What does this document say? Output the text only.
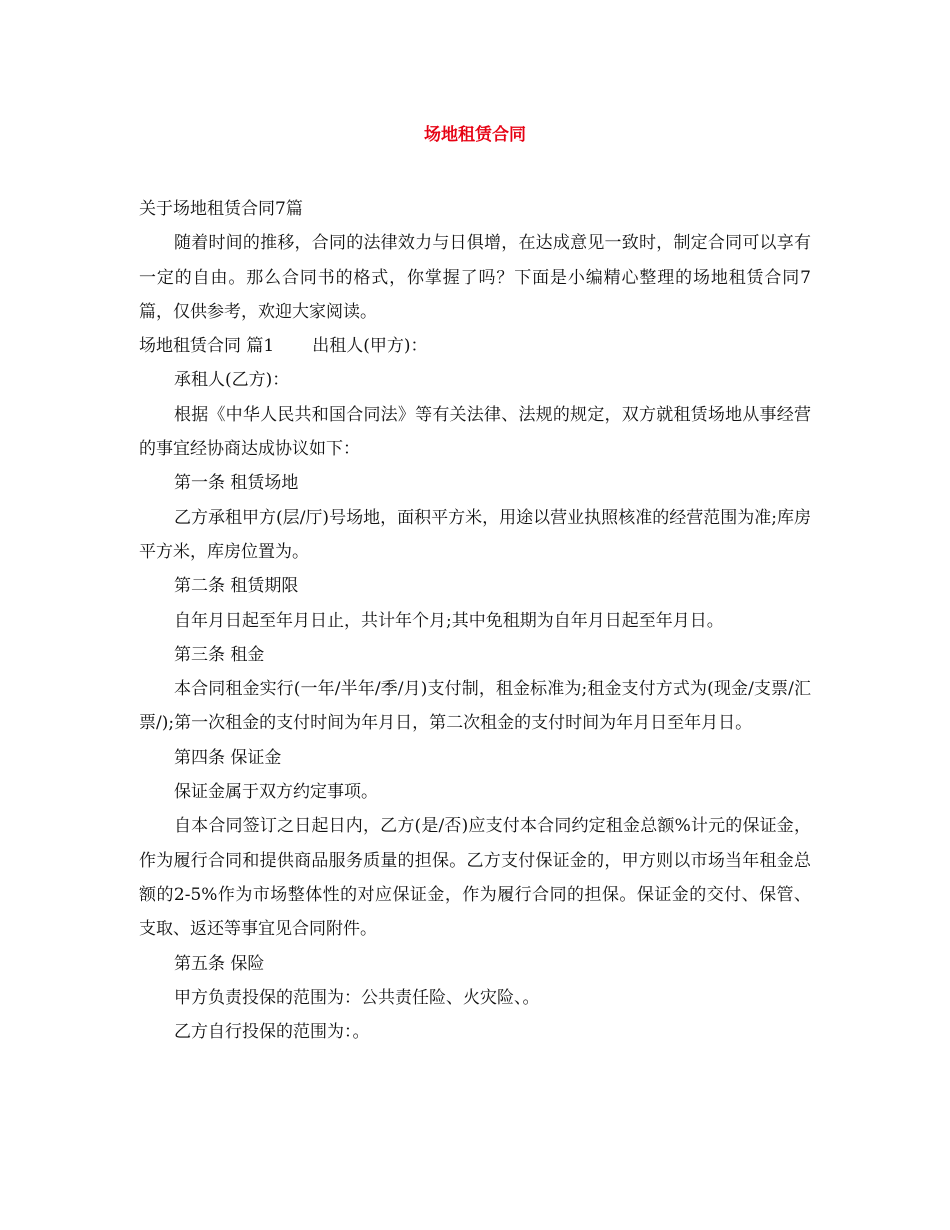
场地租赁合同

关于场地租赁合同7篇

随着时间的推移，合同的法律效力与日俱增，在达成意见一致时，制定合同可以享有一定的自由。那么合同书的格式，你掌握了吗？下面是小编精心整理的场地租赁合同7篇，仅供参考，欢迎大家阅读。

场地租赁合同 篇1 出租人(甲方)：

承租人(乙方)：

根据《中华人民共和国合同法》等有关法律、法规的规定，双方就租赁场地从事经营的事宜经协商达成协议如下：

第一条 租赁场地

乙方承租甲方(层/厅)号场地，面积平方米，用途以营业执照核准的经营范围为准;库房平方米，库房位置为。

第二条 租赁期限

自年月日起至年月日止，共计年个月;其中免租期为自年月日起至年月日。

第三条 租金

本合同租金实行(一年/半年/季/月)支付制，租金标准为;租金支付方式为(现金/支票/汇票/);第一次租金的支付时间为年月日，第二次租金的支付时间为年月日至年月日。

第四条 保证金

保证金属于双方约定事项。

自本合同签订之日起日内，乙方(是/否)应支付本合同约定租金总额%计元的保证金，作为履行合同和提供商品服务质量的担保。乙方支付保证金的，甲方则以市场当年租金总额的2-5%作为市场整体性的对应保证金，作为履行合同的担保。保证金的交付、保管、支取、返还等事宜见合同附件。

第五条 保险

甲方负责投保的范围为：公共责任险、火灾险、。

乙方自行投保的范围为：。
